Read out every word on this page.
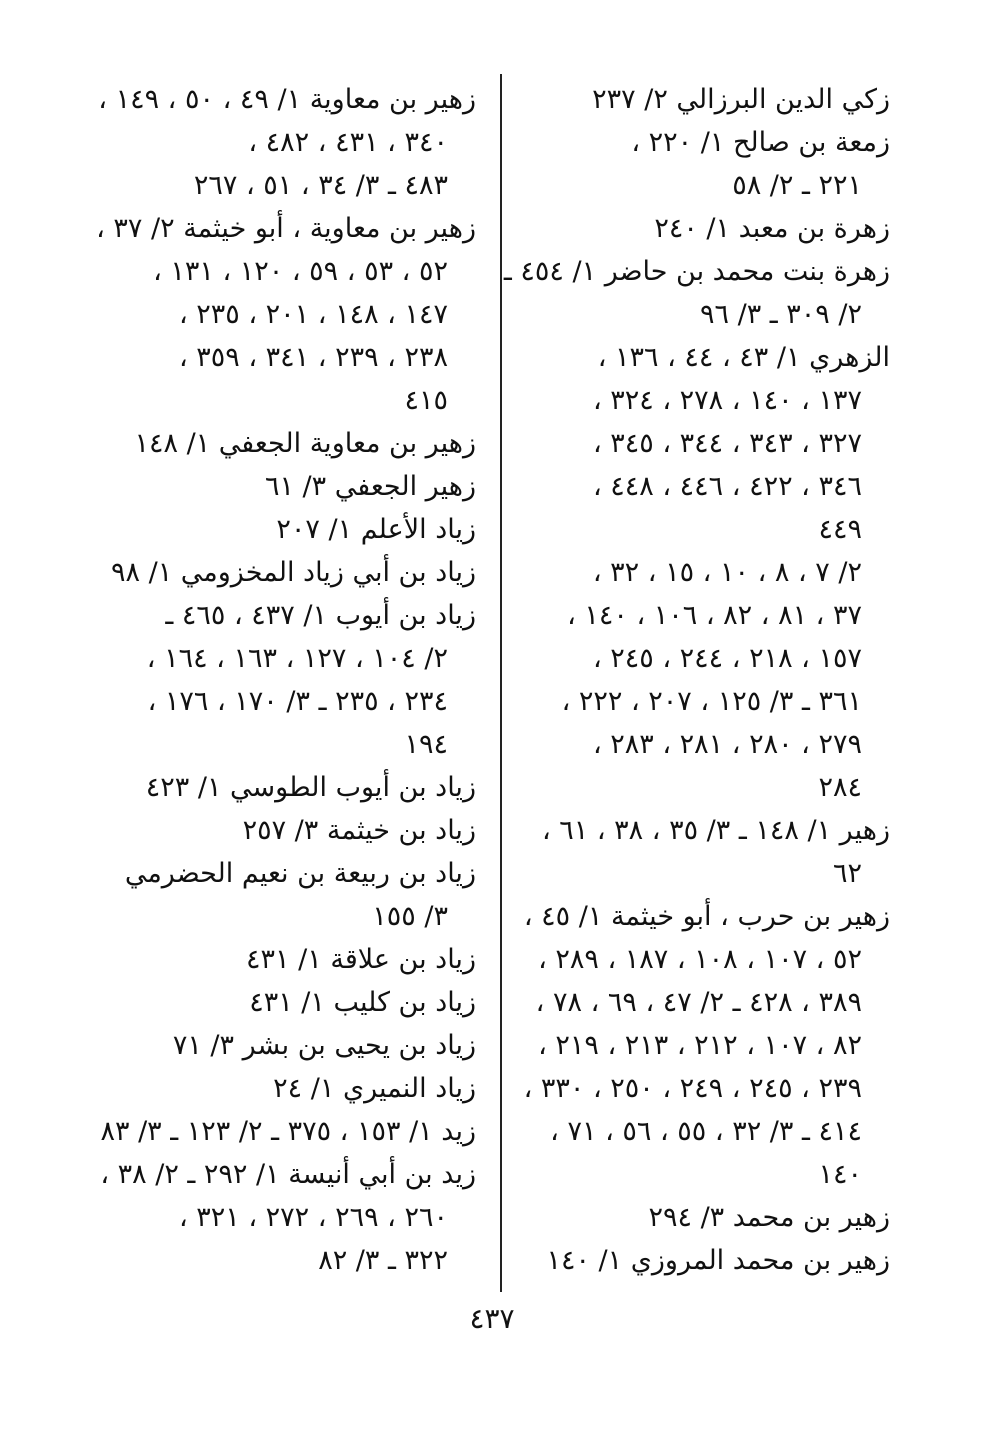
زكي الدين البرزالي ٢/ ٢٣٧
زمعة بن صالح ١/ ٢٢٠ ،
٢٢١ ـ ٢/ ٥٨
زهرة بن معبد ١/ ٢٤٠
زهرة بنت محمد بن حاضر ١/ ٤٥٤ ـ
٢/ ٣٠٩ ـ ٣/ ٩٦
الزهري ١/ ٤٣ ، ٤٤ ، ١٣٦ ،
١٣٧ ، ١٤٠ ، ٢٧٨ ، ٣٢٤ ،
٣٢٧ ، ٣٤٣ ، ٣٤٤ ، ٣٤٥ ،
٣٤٦ ، ٤٢٢ ، ٤٤٦ ، ٤٤٨ ،
٤٤٩
٢/ ٧ ، ٨ ، ١٠ ، ١٥ ، ٣٢ ،
٣٧ ، ٨١ ، ٨٢ ، ١٠٦ ، ١٤٠ ،
١٥٧ ، ٢١٨ ، ٢٤٤ ، ٢٤٥ ،
٣٦١ ـ ٣/ ١٢٥ ، ٢٠٧ ، ٢٢٢ ،
٢٧٩ ، ٢٨٠ ، ٢٨١ ، ٢٨٣ ،
٢٨٤
زهير ١/ ١٤٨ ـ ٣/ ٣٥ ، ٣٨ ، ٦١ ،
٦٢
زهير بن حرب ، أبو خيثمة ١/ ٤٥ ،
٥٢ ، ١٠٧ ، ١٠٨ ، ١٨٧ ، ٢٨٩ ،
٣٨٩ ، ٤٢٨ ـ ٢/ ٤٧ ، ٦٩ ، ٧٨ ،
٨٢ ، ١٠٧ ، ٢١٢ ، ٢١٣ ، ٢١٩ ،
٢٣٩ ، ٢٤٥ ، ٢٤٩ ، ٢٥٠ ، ٣٣٠ ،
٤١٤ ـ ٣/ ٣٢ ، ٥٥ ، ٥٦ ، ٧١ ،
١٤٠
زهير بن محمد ٣/ ٢٩٤
زهير بن محمد المروزي ١/ ١٤٠
زهير بن معاوية ١/ ٤٩ ، ٥٠ ، ١٤٩ ،
٣٤٠ ، ٤٣١ ، ٤٨٢ ،
٤٨٣ ـ ٣/ ٣٤ ، ٥١ ، ٢٦٧
زهير بن معاوية ، أبو خيثمة ٢/ ٣٧ ،
٥٢ ، ٥٣ ، ٥٩ ، ١٢٠ ، ١٣١ ،
١٤٧ ، ١٤٨ ، ٢٠١ ، ٢٣٥ ،
٢٣٨ ، ٢٣٩ ، ٣٤١ ، ٣٥٩ ،
٤١٥
زهير بن معاوية الجعفي ١/ ١٤٨
زهير الجعفي ٣/ ٦١
زياد الأعلم ١/ ٢٠٧
زياد بن أبي زياد المخزومي ١/ ٩٨
زياد بن أيوب ١/ ٤٣٧ ، ٤٦٥ ـ
٢/ ١٠٤ ، ١٢٧ ، ١٦٣ ، ١٦٤ ،
٢٣٤ ، ٢٣٥ ـ ٣/ ١٧٠ ، ١٧٦ ،
١٩٤
زياد بن أيوب الطوسي ١/ ٤٢٣
زياد بن خيثمة ٣/ ٢٥٧
زياد بن ربيعة بن نعيم الحضرمي
٣/ ١٥٥
زياد بن علاقة ١/ ٤٣١
زياد بن كليب ١/ ٤٣١
زياد بن يحيى بن بشر ٣/ ٧١
زياد النميري ١/ ٢٤
زيد ١/ ١٥٣ ، ٣٧٥ ـ ٢/ ١٢٣ ـ ٣/ ٨٣
زيد بن أبي أنيسة ١/ ٢٩٢ ـ ٢/ ٣٨ ،
٢٦٠ ، ٢٦٩ ، ٢٧٢ ، ٣٢١ ،
٣٢٢ ـ ٣/ ٨٢
٤٣٧
